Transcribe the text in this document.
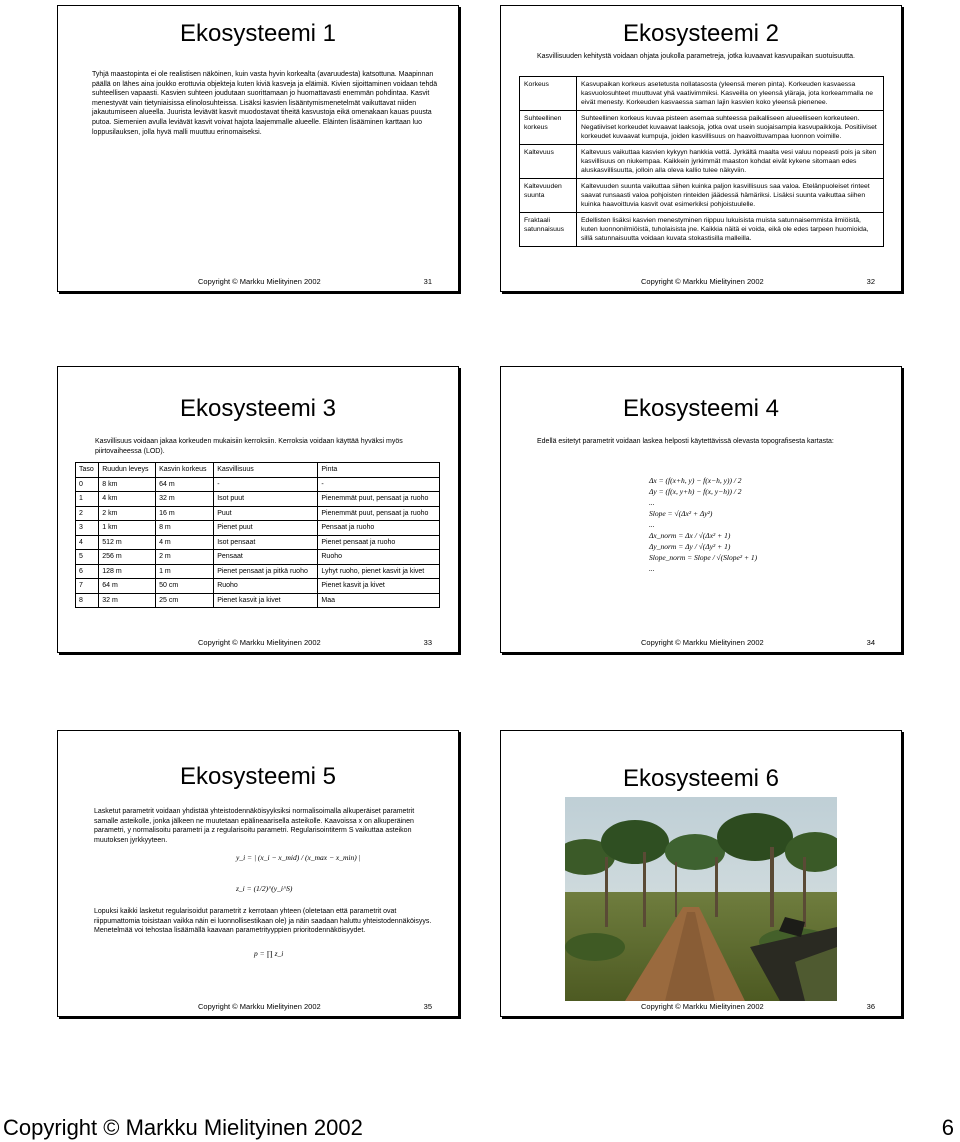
Ekosysteemi 1
Tyhjä maastopinta ei ole realistisen näköinen, kuin vasta hyvin korkealta (avaruudesta) katsottuna. Maapinnan päällä on lähes aina joukko erottuvia objekteja kuten kiviä kasveja ja eläimiä. Kivien sijoittaminen voidaan tehdä suhteellisen vapaasti. Kasvien suhteen joudutaan suorittamaan jo huomattavasti enemmän pohdintaa. Kasvit menestyvät vain tietyniaisissa elinolosuhteissa. Lisäksi kasvien lisääntymismenetelmät vaikuttavat niiden jakautumiseen alueella. Juurista leviävät kasvit muodostavat tiheitä kasvustoja eikä omenakaan kauas puusta putoa. Siemenien avulla leviävät kasvit voivat hajota laajemmalle alueelle. Eläinten lisääminen karttaan luo loppusilauksen, jolla hyvä malli muuttuu erinomaiseksi.
Copyright © Markku Mielityinen 2002	31
Ekosysteemi 2
Kasvillisuuden kehitystä voidaan ohjata joukolla parametreja, jotka kuvaavat kasvupaikan suotuisuutta.
Korkeus	Kasvupaikan korkeus asetetusta nollatasosta (yleensä meren pinta). Korkeuden kasvaessa kasvuolosuhteet muuttuvat yhä vaativimmiksi. Kasveilla on yleensä yläraja, jota korkeammalla ne eivät menesty. Korkeuden kasvaessa saman lajin kasvien koko yleensä pienenee.
Suhteellinen korkeus	Suhteellinen korkeus kuvaa pisteen asemaa suhteessa paikalliseen alueelliseen korkeuteen. Negatiiviset korkeudet kuvaavat laaksoja, jotka ovat usein suojaisampia kasvupaikkoja. Positiiviset korkeudet kuvaavat kumpuja, joiden kasvillisuus on haavoittuvampaa luonnon voimille.
Kaltevuus	Kaltevuus vaikuttaa kasvien kykyyn hankkia vettä. Jyrkältä maalta vesi valuu nopeasti pois ja siten kasvillisuus on niukempaa. Kaikkein jyrkimmät maaston kohdat eivät kykene sitomaan edes aluskasvillisuutta, jolloin alla oleva kallio tulee näkyviin.
Kaltevuuden suunta	Kaltevuuden suunta vaikuttaa siihen kuinka paljon kasvillisuus saa valoa. Etelänpuoleiset rinteet saavat runsaasti valoa pohjoisten rinteiden jäädessä hämäriksi. Lisäksi suunta vaikuttaa siihen kuinka haavoittuvia kasvit ovat esimerkiksi pohjoistuulelle.
Fraktaali satunnaisuus	Edellisten lisäksi kasvien menestyminen riippuu lukuisista muista satunnaisemmista ilmiöistä, kuten luonnonilmiöistä, tuholaisista jne. Kaikkia näitä ei voida, eikä ole edes tarpeen huomioida, sillä satunnaisuutta voidaan kuvata stokastisilla malleilla.
Copyright © Markku Mielityinen 2002	32
Ekosysteemi 3
Kasvillisuus voidaan jakaa korkeuden mukaisiin kerroksiin. Kerroksia voidaan käyttää hyväksi myös piirtovaiheessa (LOD).
Taso	Ruudun leveys	Kasvin korkeus	Kasvillisuus	Pinta
0	8 km	64 m	-	-
1	4 km	32 m	Isot puut	Pienemmät puut, pensaat ja ruoho
2	2 km	16 m	Puut	Pienemmät puut, pensaat ja ruoho
3	1 km	8 m	Pienet puut	Pensaat ja ruoho
4	512 m	4 m	Isot pensaat	Pienet pensaat ja ruoho
5	256 m	2 m	Pensaat	Ruoho
6	128 m	1 m	Pienet pensaat ja pitkä ruoho	Lyhyt ruoho, pienet kasvit ja kivet
7	64 m	50 cm	Ruoho	Pienet kasvit ja kivet
8	32 m	25 cm	Pienet kasvit ja kivet	Maa
Copyright © Markku Mielityinen 2002	33
Ekosysteemi 4
Edellä esitetyt parametrit voidaan laskea helposti käytettävissä olevasta topografisesta kartasta:
Δx = (f(x+h, y) − f(x−h, y)) / 2
Δy = (f(x, y+h) − f(x, y−h)) / 2
...
Slope = √(Δx² + Δy²)
...
Δx_norm = Δx / √(Δx² + 1)
Δy_norm = Δy / √(Δy² + 1)
Slope_norm = Slope / √(Slope² + 1)
...
Copyright © Markku Mielityinen 2002	34
Ekosysteemi 5
Lasketut parametrit voidaan yhdistää yhteistodennäköisyyksiksi normalisoimalla alkuperäiset parametrit samalle asteikolle, jonka jälkeen ne muutetaan epälineaarisella asteikolle. Kaavoissa x on alkuperäinen parametri, y normalisoitu parametri ja z regularisoitu parametri. Regularisointiterm S vaikuttaa asteikon muutoksen jyrkkyyteen.
y_i = | (x_i − x_mid) / (x_max − x_min) |
z_i = (1/2)^(y_i^S)
Lopuksi kaikki lasketut regularisoidut parametrit z kerrotaan yhteen (oletetaan että parametrit ovat riippumattomia toisistaan vaikka näin ei luonnollisestikaan ole) ja näin saadaan haluttu yhteistodennäköisyys. Menetelmää voi tehostaa lisäämällä kaavaan parametrityyppien prioritodennäköisyydet.
p = ∏ z_i
Copyright © Markku Mielityinen 2002	35
Ekosysteemi 6
Copyright © Markku Mielityinen 2002	36
Copyright © Markku Mielityinen 2002	6
